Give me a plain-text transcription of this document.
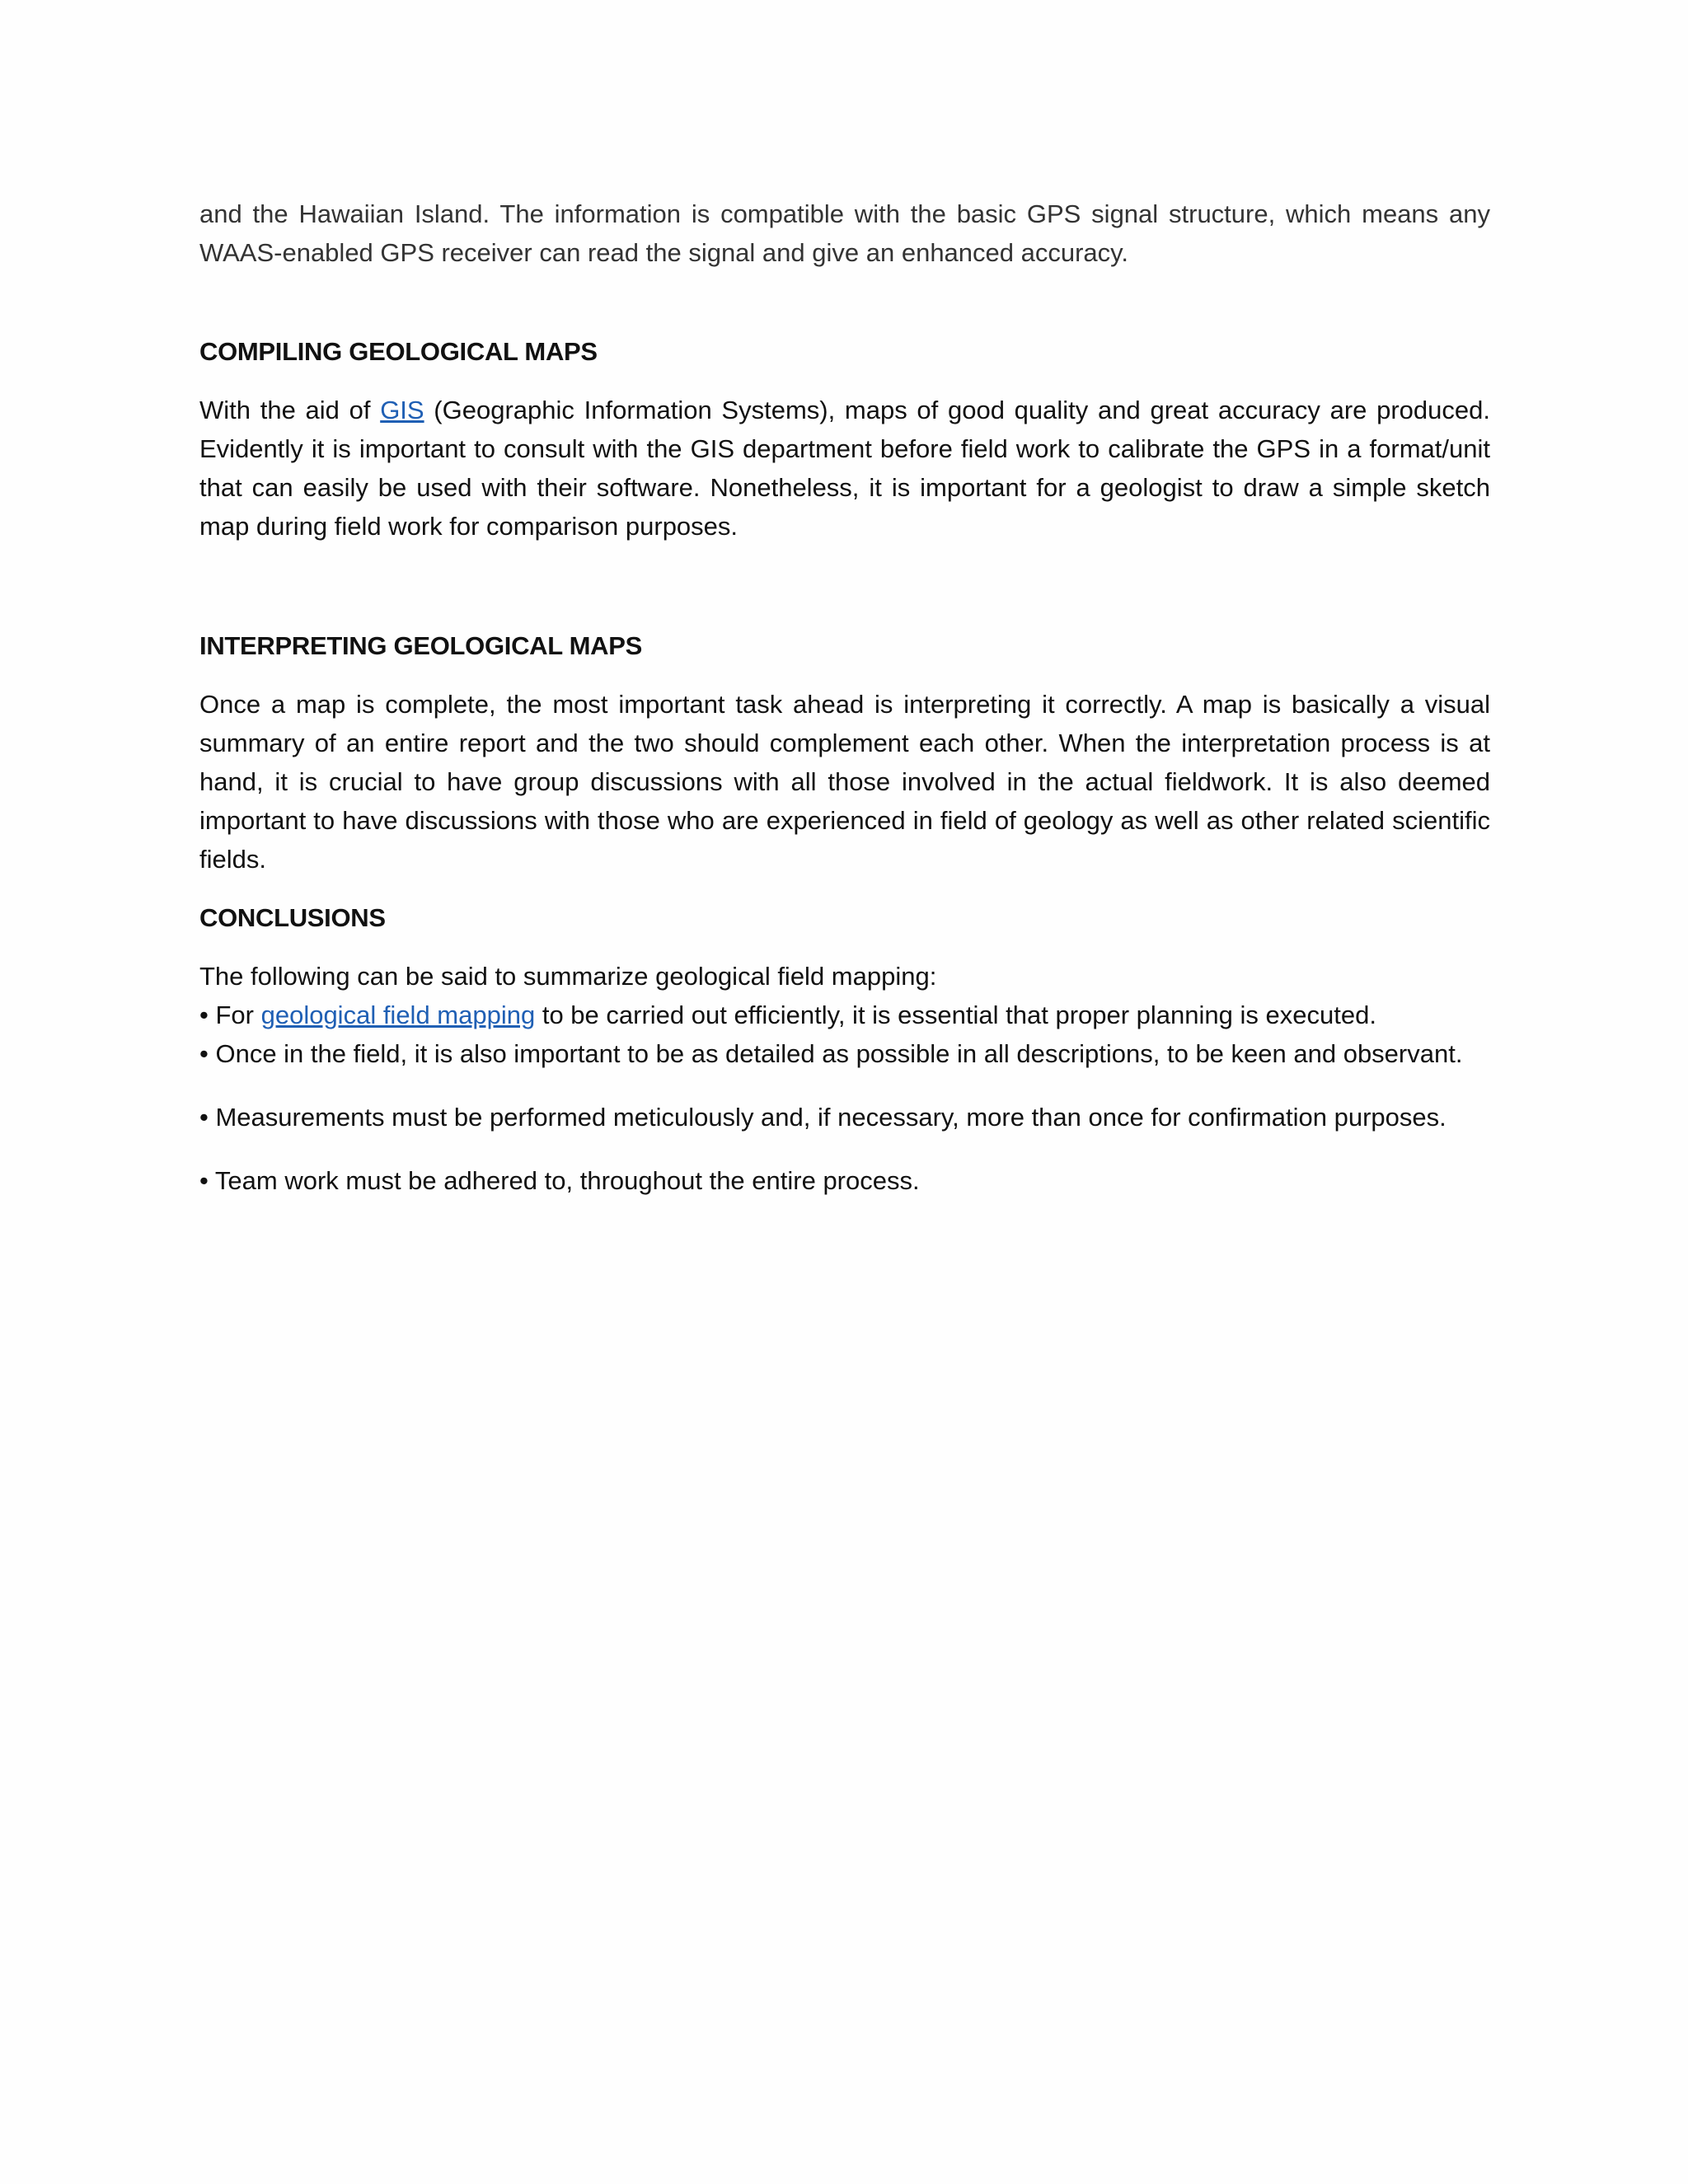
and the Hawaiian Island. The information is compatible with the basic GPS signal structure, which means any WAAS-enabled GPS receiver can read the signal and give an enhanced accuracy.

COMPILING GEOLOGICAL MAPS

With the aid of GIS (Geographic Information Systems), maps of good quality and great accuracy are produced. Evidently it is important to consult with the GIS department before field work to calibrate the GPS in a format/unit that can easily be used with their software. Nonetheless, it is important for a geologist to draw a simple sketch map during field work for comparison purposes.

INTERPRETING GEOLOGICAL MAPS

Once a map is complete, the most important task ahead is interpreting it correctly. A map is basically a visual summary of an entire report and the two should complement each other. When the interpretation process is at hand, it is crucial to have group discussions with all those involved in the actual fieldwork. It is also deemed important to have discussions with those who are experienced in field of geology as well as other related scientific fields.

CONCLUSIONS

The following can be said to summarize geological field mapping:

• For geological field mapping to be carried out efficiently, it is essential that proper planning is executed.
• Once in the field, it is also important to be as detailed as possible in all descriptions, to be keen and observant.
• Measurements must be performed meticulously and, if necessary, more than once for confirmation purposes.
• Team work must be adhered to, throughout the entire process.
